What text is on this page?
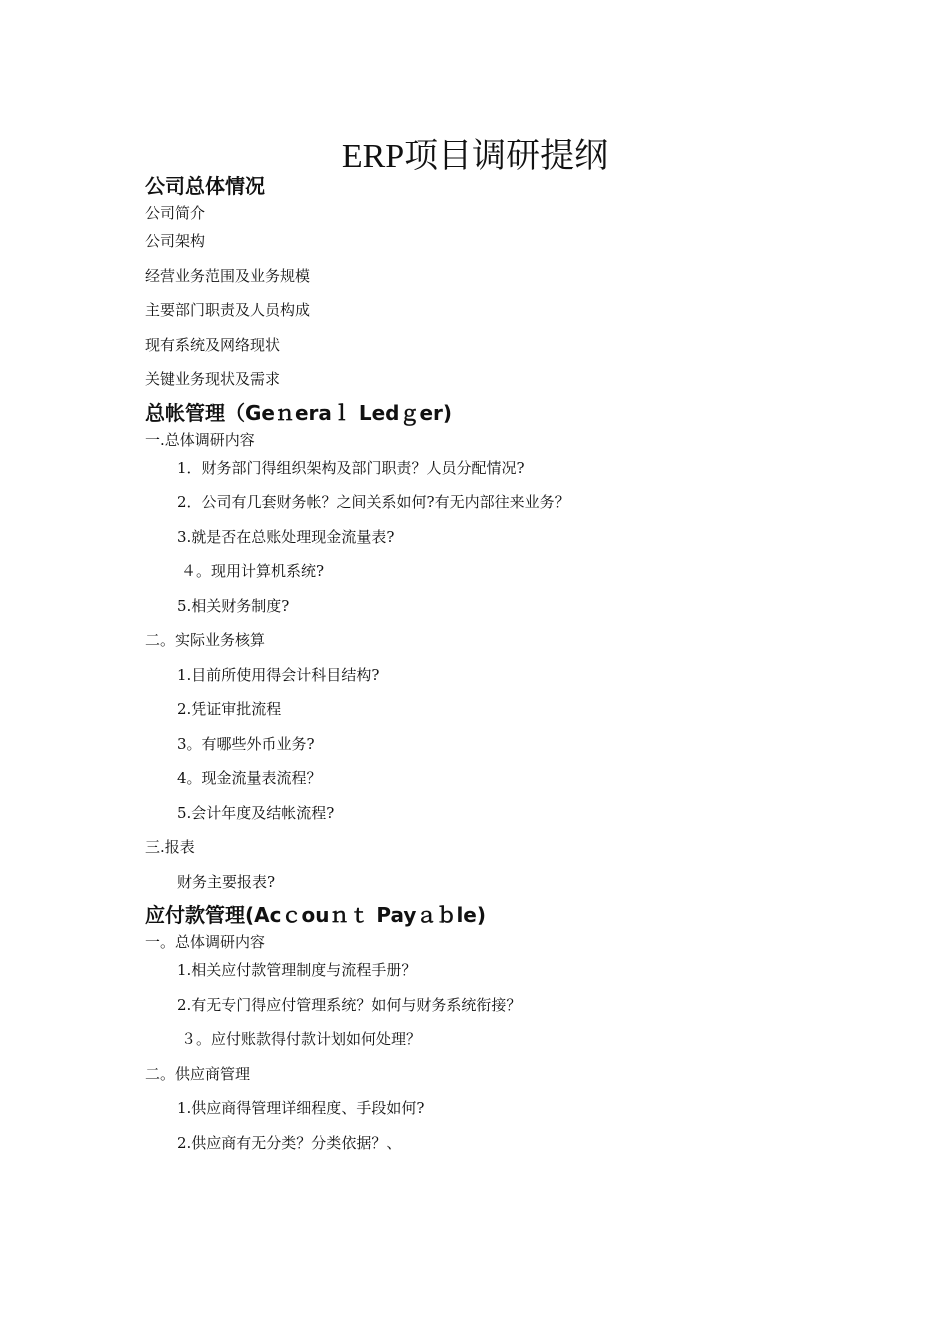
ERP项目调研提纲
公司总体情况
公司简介
公司架构
经营业务范围及业务规模
主要部门职责及人员构成
现有系统及网络现状
关键业务现状及需求
总帐管理（Geｎeraｌ Ledｇer)
一.总体调研内容
1．财务部门得组织架构及部门职责？人员分配情况?
2．公司有几套财务帐？之间关系如何?有无内部往来业务？
3.就是否在总账处理现金流量表?
４。现用计算机系统?
5.相关财务制度?
二。实际业务核算
1.目前所使用得会计科目结构?
2.凭证审批流程
3。有哪些外币业务?
4。现金流量表流程？
5.会计年度及结帐流程?
三.报表
财务主要报表?
应付款管理(Acｃouｎｔ Payａｂle)
一。总体调研内容
1.相关应付款管理制度与流程手册？
2.有无专门得应付管理系统？如何与财务系统衔接？
３。应付账款得付款计划如何处理？
二。供应商管理
1.供应商得管理详细程度、手段如何?
2.供应商有无分类？分类依据？、
